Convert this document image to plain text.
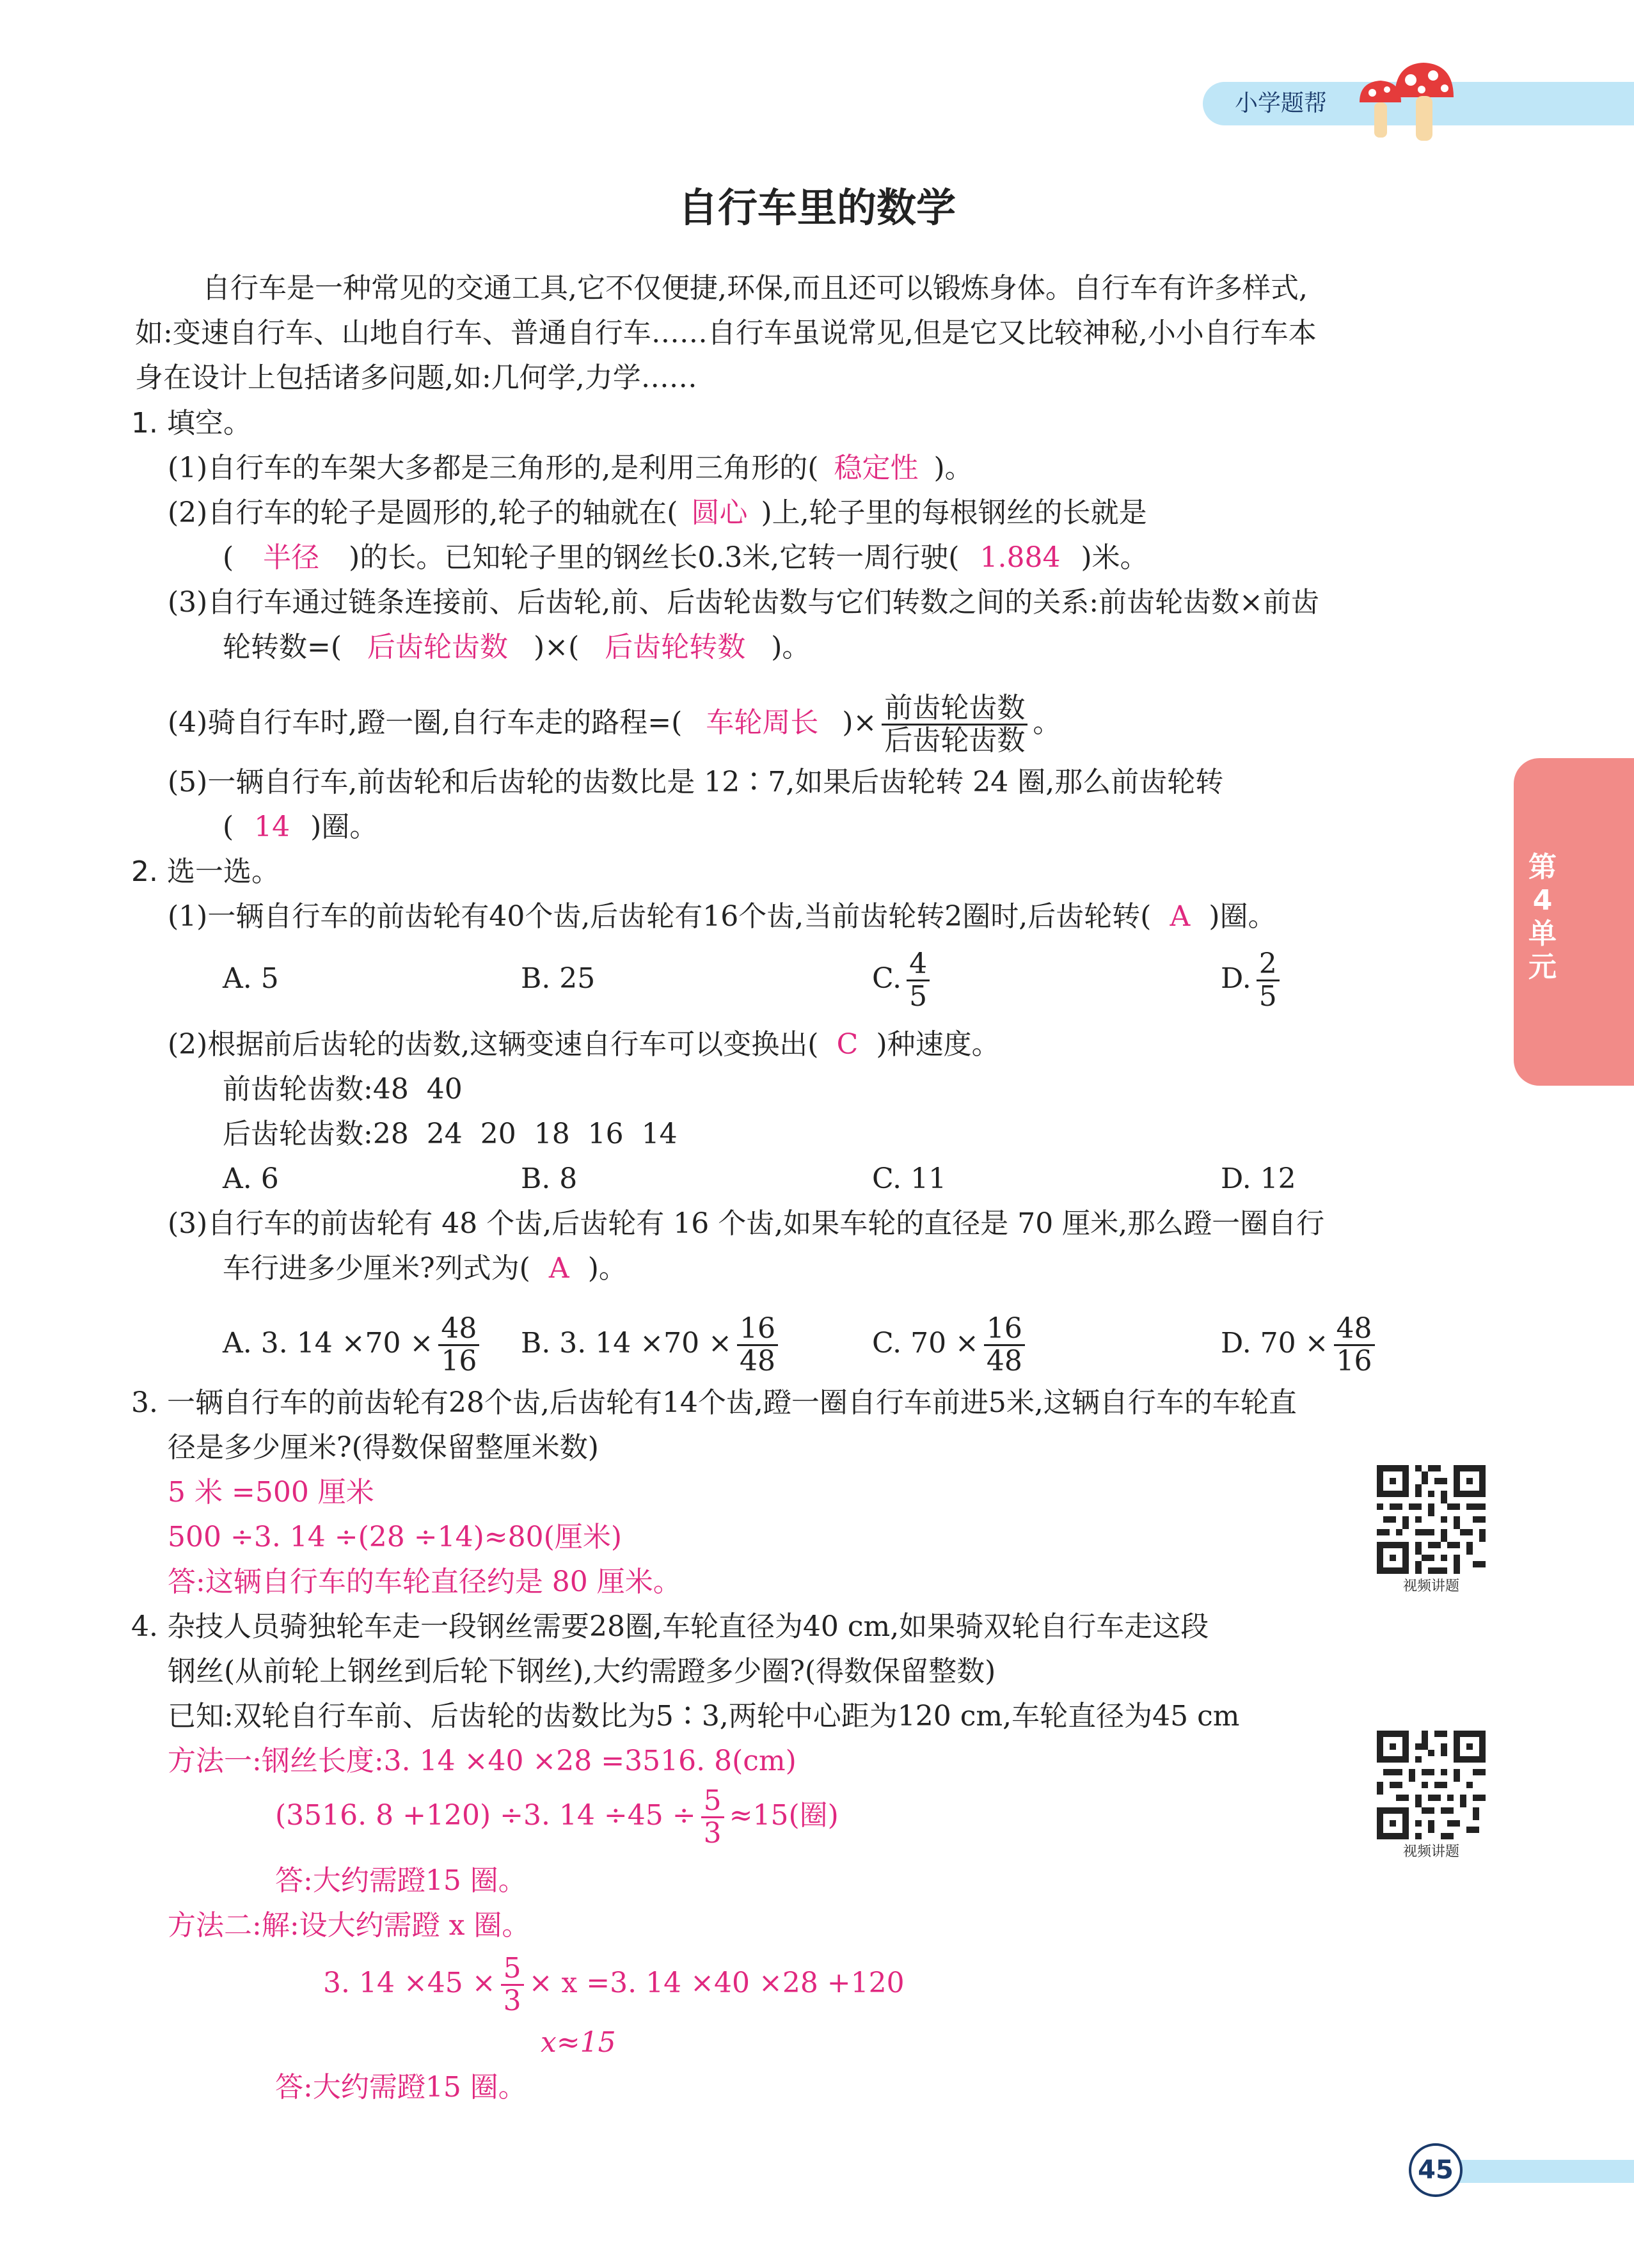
小学题帮
第
4
单
元
自行车里的数学
自行车是一种常见的交通工具,它不仅便捷,环保,而且还可以锻炼身体。自行车有许多样式,
如:变速自行车、山地自行车、普通自行车……自行车虽说常见,但是它又比较神秘,小小自行车本
身在设计上包括诸多问题,如:几何学,力学……
1. 填空。
(1)自行车的车架大多都是三角形的,是利用三角形的( 稳定性 )。
(2)自行车的轮子是圆形的,轮子的轴就在( 圆心 )上,轮子里的每根钢丝的长就是
( 半径 )的长。已知轮子里的钢丝长0.3米,它转一周行驶( 1.884 )米。
(3)自行车通过链条连接前、后齿轮,前、后齿轮齿数与它们转数之间的关系:前齿轮齿数×前齿
轮转数=( 后齿轮齿数 )×( 后齿轮转数 )。
(4)骑自行车时,蹬一圈,自行车走的路程=( 车轮周长 )× $\frac{\text{前齿轮齿数}}{\text{后齿轮齿数}}$ 。
(5)一辆自行车,前齿轮和后齿轮的齿数比是 12∶7,如果后齿轮转 24 圈,那么前齿轮转
( 14 )圈。
2. 选一选。
(1)一辆自行车的前齿轮有40个齿,后齿轮有16个齿,当前齿轮转2圈时,后齿轮转( A )圈。
A. 5	B. 25	C. $\frac{4}{5}$	D. $\frac{2}{5}$
(2)根据前后齿轮的齿数,这辆变速自行车可以变换出( C )种速度。
前齿轮齿数:48  40
后齿轮齿数:28  24  20  18  16  14
A. 6	B. 8	C. 11	D. 12
(3)自行车的前齿轮有 48 个齿,后齿轮有 16 个齿,如果车轮的直径是 70 厘米,那么蹬一圈自行
车行进多少厘米?列式为( A )。
A. 3. $14 \times 70 \times \frac{48}{16} B$. 3. $14 \times 70 \times \frac{16}{48}$	C. $70 \times \frac{16}{48}$	D. $70 \times \frac{48}{16}$
3. 一辆自行车的前齿轮有28个齿,后齿轮有14个齿,蹬一圈自行车前进5米,这辆自行车的车轮直
径是多少厘米?(得数保留整厘米数)
5 米 =500 厘米
500 ÷3. 14 ÷(28 ÷14)≈80(厘米)
答:这辆自行车的车轮直径约是 80 厘米。
4. 杂技人员骑独轮车走一段钢丝需要28圈,车轮直径为40 cm,如果骑双轮自行车走这段
钢丝(从前轮上钢丝到后轮下钢丝),大约需蹬多少圈?(得数保留整数)
已知:双轮自行车前、后齿轮的齿数比为5∶3,两轮中心距为120 cm,车轮直径为45 cm
方法一:钢丝长度:3. 14 ×40 ×28 =3516. 8(cm)
(3516. 8 +120) ÷3. $14 \div 45 \div \frac{5}{3} \approx 15$(圈)
答:大约需蹬15 圈。
方法二:解:设大约需蹬 x 圈。
3. $14 \times 45 \times \frac{5}{3} \times x =3$. 14 ×40 ×28 +120
x≈15
答:大约需蹬15 圈。
视频讲题
视频讲题
45
